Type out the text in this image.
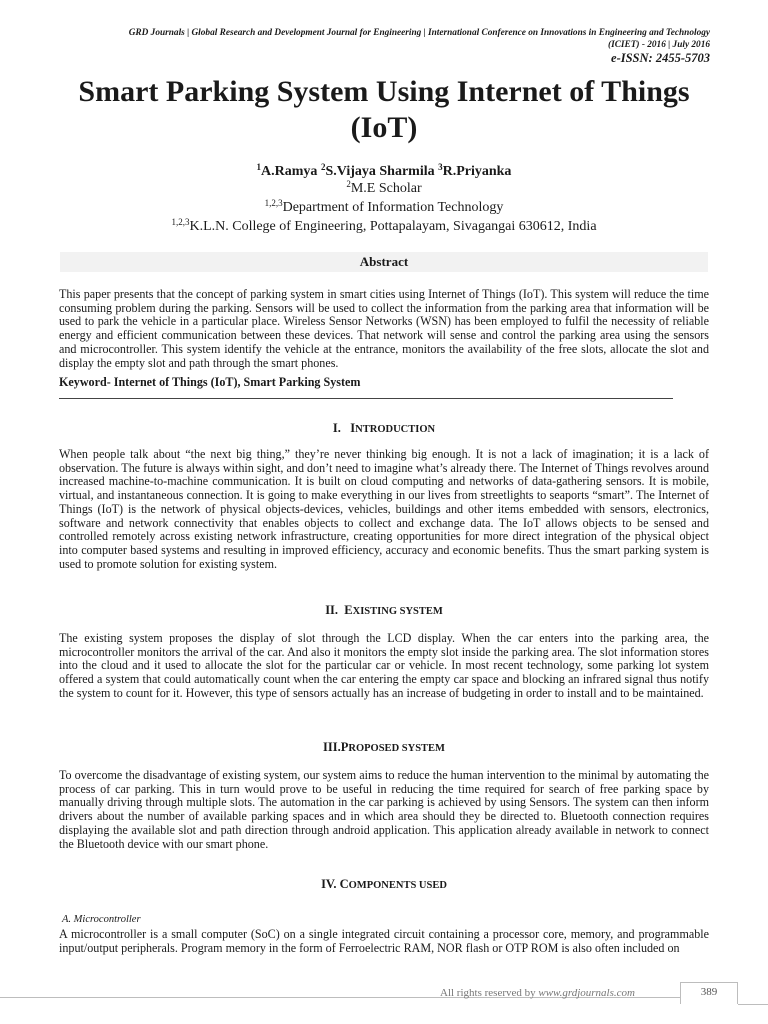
GRD Journals | Global Research and Development Journal for Engineering | International Conference on Innovations in Engineering and Technology
(ICIET) - 2016 | July 2016
e-ISSN: 2455-5703
Smart Parking System Using Internet of Things
(IoT)
$^1$A.Ramya $^2$S.Vijaya Sharmila $^3$R.Priyanka
$^2$M.E Scholar
$^{1,2,3}$Department of Information Technology
$^{1,2,3}$K.L.N. College of Engineering, Pottapalayam, Sivagangai 630612, India
Abstract
This paper presents that the concept of parking system in smart cities using Internet of Things (IoT). This system will reduce the time consuming problem during the parking. Sensors will be used to collect the information from the parking area that information will be used to park the vehicle in a particular place. Wireless Sensor Networks (WSN) has been employed to fulfil the necessity of reliable energy and efficient communication between these devices. That network will sense and control the parking area using the sensors and microcontroller. This system identify the vehicle at the entrance, monitors the availability of the free slots, allocate the slot and display the empty slot and path through the smart phones.
Keyword- Internet of Things (IoT), Smart Parking System
I. INTRODUCTION
When people talk about “the next big thing,” they’re never thinking big enough. It is not a lack of imagination; it is a lack of observation. The future is always within sight, and don’t need to imagine what’s already there. The Internet of Things revolves around increased machine-to-machine communication. It is built on cloud computing and networks of data-gathering sensors. It is mobile, virtual, and instantaneous connection. It is going to make everything in our lives from streetlights to seaports “smart”. The Internet of Things (IoT) is the network of physical objects-devices, vehicles, buildings and other items embedded with sensors, electronics, software and network connectivity that enables objects to collect and exchange data. The IoT allows objects to be sensed and controlled remotely across existing network infrastructure, creating opportunities for more direct integration of the physical object into computer based systems and resulting in improved efficiency, accuracy and economic benefits. Thus the smart parking system is used to promote solution for existing system.
II. EXISTING SYSTEM
The existing system proposes the display of slot through the LCD display. When the car enters into the parking area, the microcontroller monitors the arrival of the car. And also it monitors the empty slot inside the parking area. The slot information stores into the cloud and it used to allocate the slot for the particular car or vehicle. In most recent technology, some parking lot system offered a system that could automatically count when the car entering the empty car space and blocking an infrared signal thus notify the system to count for it. However, this type of sensors actually has an increase of budgeting in order to install and to be maintained.
III.PROPOSED SYSTEM
To overcome the disadvantage of existing system, our system aims to reduce the human intervention to the minimal by automating the process of car parking. This in turn would prove to be useful in reducing the time required for search of free parking space by manually driving through multiple slots. The automation in the car parking is achieved by using Sensors. The system can then inform drivers about the number of available parking spaces and in which area should they be directed to. Bluetooth connection requires displaying the available slot and path direction through android application. This application already available in network to connect the Bluetooth device with our smart phone.
IV. COMPONENTS USED
A. Microcontroller
A microcontroller is a small computer (SoC) on a single integrated circuit containing a processor core, memory, and programmable input/output peripherals. Program memory in the form of Ferroelectric RAM, NOR flash or OTP ROM is also often included on
All rights reserved by www.grdjournals.com	389
